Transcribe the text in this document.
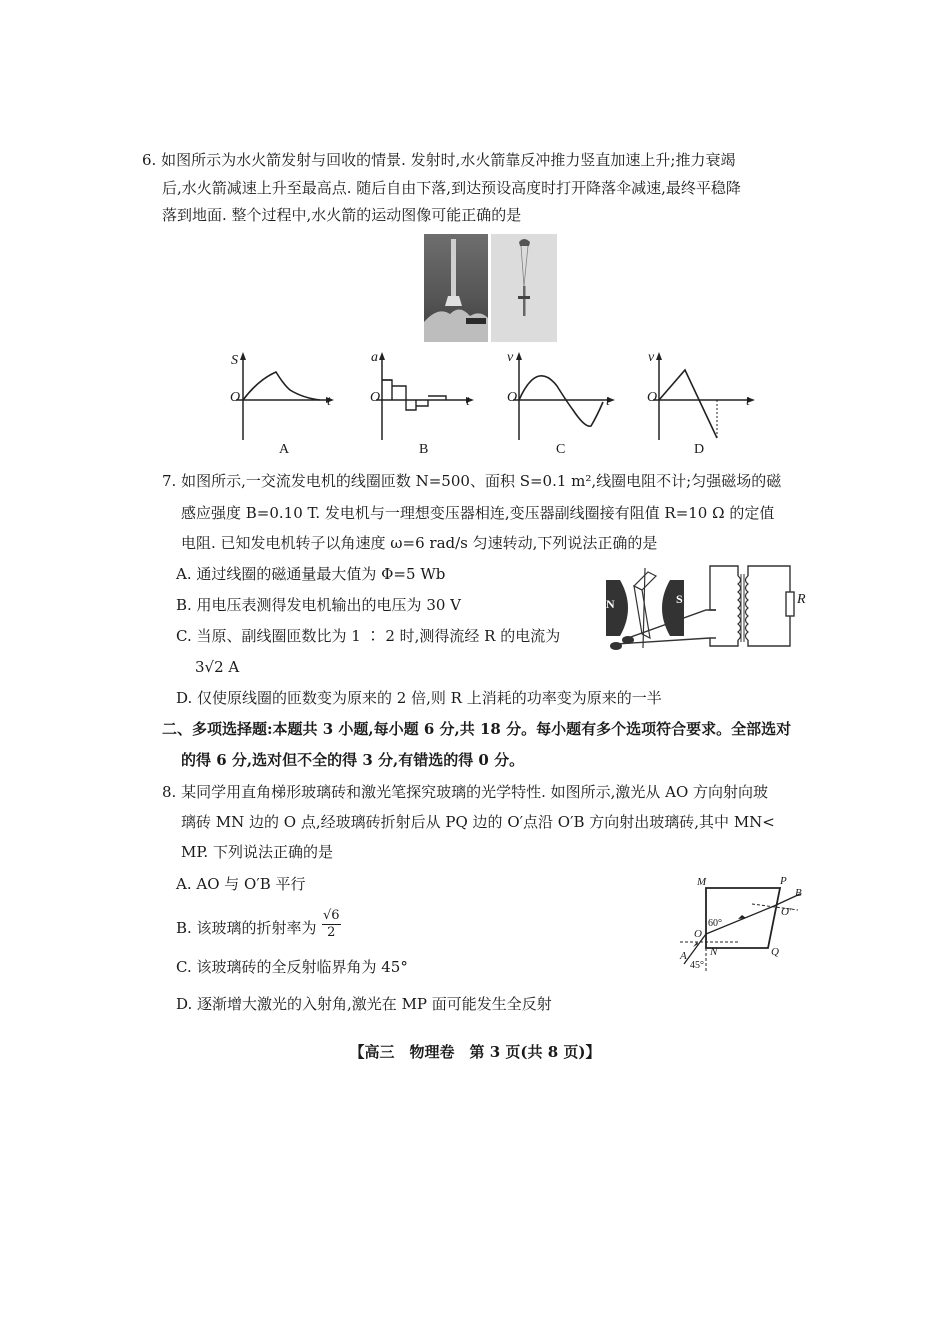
6. 如图所示为水火箭发射与回收的情景. 发射时,水火箭靠反冲推力竖直加速上升;推力衰竭
后,水火箭减速上升至最高点. 随后自由下落,到达预设高度时打开降落伞减速,最终平稳降
落到地面. 整个过程中,水火箭的运动图像可能正确的是
S
O	t
A
a
O	t
B
v
O	t
C
v
O	t
D
7. 如图所示,一交流发电机的线圈匝数 N=500、面积 S=0.1 m²,线圈电阻不计;匀强磁场的磁
感应强度 B=0.10 T. 发电机与一理想变压器相连,变压器副线圈接有阻值 R=10 Ω 的定值
电阻. 已知发电机转子以角速度 ω=6 rad/s 匀速转动,下列说法正确的是
A. 通过线圈的磁通量最大值为 Φ=5 Wb
B. 用电压表测得发电机输出的电压为 30 V
C. 当原、副线圈匝数比为 1 ∶ 2 时,测得流经 R 的电流为
3√2 A
D. 仅使原线圈的匝数变为原来的 2 倍,则 R 上消耗的功率变为原来的一半
N	S	R
二、多项选择题:本题共 3 小题,每小题 6 分,共 18 分。每小题有多个选项符合要求。全部选对
的得 6 分,选对但不全的得 3 分,有错选的得 0 分。
8. 某同学用直角梯形玻璃砖和激光笔探究玻璃的光学特性. 如图所示,激光从 AO 方向射向玻
璃砖 MN 边的 O 点,经玻璃砖折射后从 PQ 边的 O′点沿 O′B 方向射出玻璃砖,其中 MN<
MP. 下列说法正确的是
A. AO 与 O′B 平行
B. 该玻璃的折射率为 $\frac{√6}{2}$
C. 该玻璃砖的全反射临界角为 45°
D. 逐渐增大激光的入射角,激光在 MP 面可能发生全反射
M	P
B
O′
60°
O
N	Q
A
45°
【高三　物理卷　第 3 页(共 8 页)】
